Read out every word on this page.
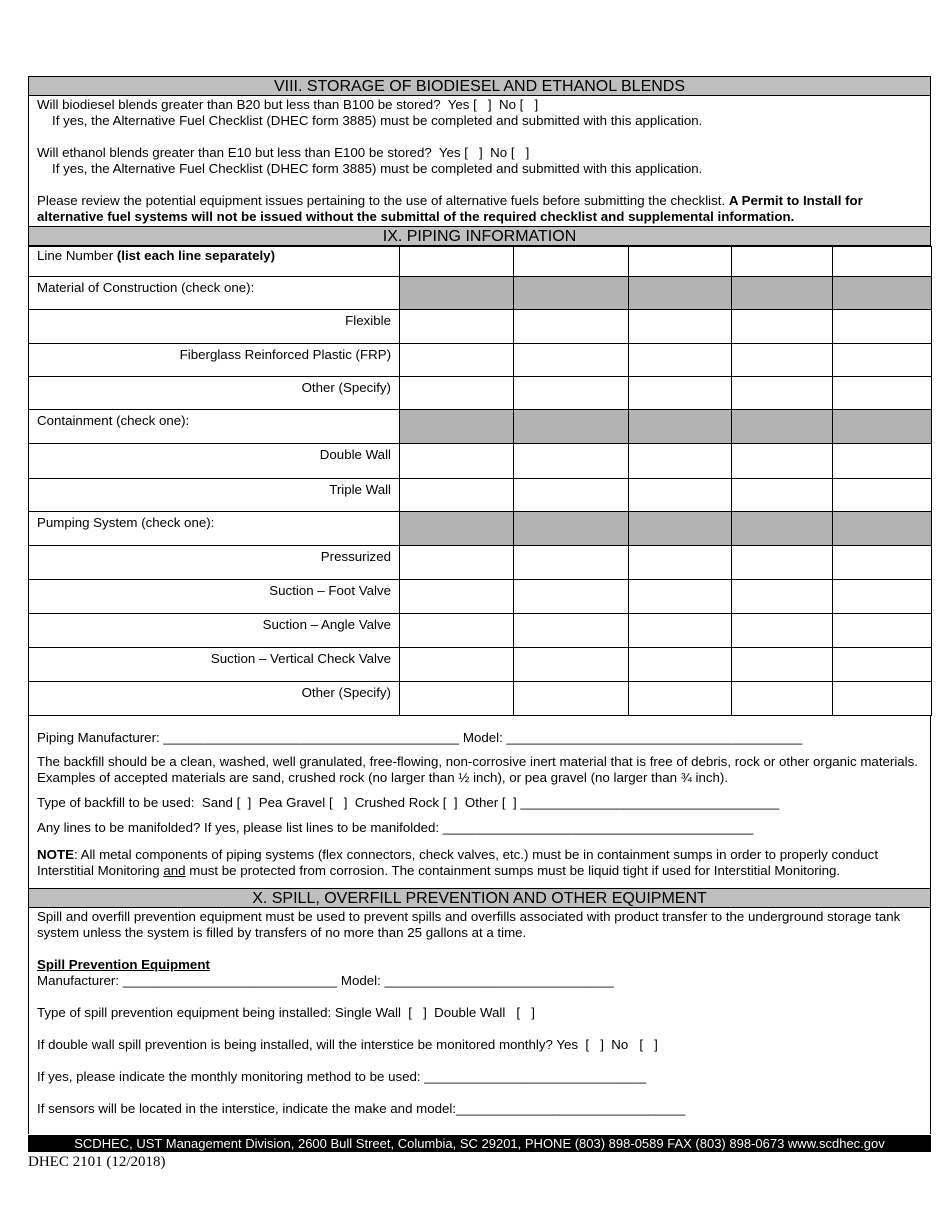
VIII. STORAGE OF BIODIESEL AND ETHANOL BLENDS
Will biodiesel blends greater than B20 but less than B100 be stored?  Yes [   ]  No [   ]
If yes, the Alternative Fuel Checklist (DHEC form 3885) must be completed and submitted with this application.
Will ethanol blends greater than E10 but less than E100 be stored?  Yes [   ]  No [   ]
If yes, the Alternative Fuel Checklist (DHEC form 3885) must be completed and submitted with this application.
Please review the potential equipment issues pertaining to the use of alternative fuels before submitting the checklist. A Permit to Install for alternative fuel systems will not be issued without the submittal of the required checklist and supplemental information.
IX. PIPING INFORMATION
Line Number (list each line separately)					
Material of Construction (check one):					
Flexible					
Fiberglass Reinforced Plastic (FRP)					
Other (Specify)					
Containment (check one):					
Double Wall					
Triple Wall					
Pumping System (check one):					
Pressurized					
Suction – Foot Valve					
Suction – Angle Valve					
Suction – Vertical Check Valve					
Other (Specify)					
Piping Manufacturer: ________________________________________ Model: ________________________________________
The backfill should be a clean, washed, well granulated, free-flowing, non-corrosive inert material that is free of debris, rock or other organic materials. Examples of accepted materials are sand, crushed rock (no larger than ½ inch), or pea gravel (no larger than ¾ inch).
Type of backfill to be used:  Sand [  ]  Pea Gravel [   ]  Crushed Rock [  ]  Other [  ] ___________________________________
Any lines to be manifolded? If yes, please list lines to be manifolded: __________________________________________
NOTE: All metal components of piping systems (flex connectors, check valves, etc.) must be in containment sumps in order to properly conduct Interstitial Monitoring and must be protected from corrosion. The containment sumps must be liquid tight if used for Interstitial Monitoring.
X. SPILL, OVERFILL PREVENTION AND OTHER EQUIPMENT
Spill and overfill prevention equipment must be used to prevent spills and overfills associated with product transfer to the underground storage tank system unless the system is filled by transfers of no more than 25 gallons at a time.
Spill Prevention Equipment
Manufacturer: _____________________________ Model: _______________________________
Type of spill prevention equipment being installed: Single Wall  [   ]  Double Wall   [   ]
If double wall spill prevention is being installed, will the interstice be monitored monthly? Yes  [   ]  No   [   ]
If yes, please indicate the monthly monitoring method to be used: ______________________________
If sensors will be located in the interstice, indicate the make and model:_______________________________
SCDHEC, UST Management Division, 2600 Bull Street, Columbia, SC 29201, PHONE (803) 898-0589 FAX (803) 898-0673 www.scdhec.gov
DHEC 2101 (12/2018)
